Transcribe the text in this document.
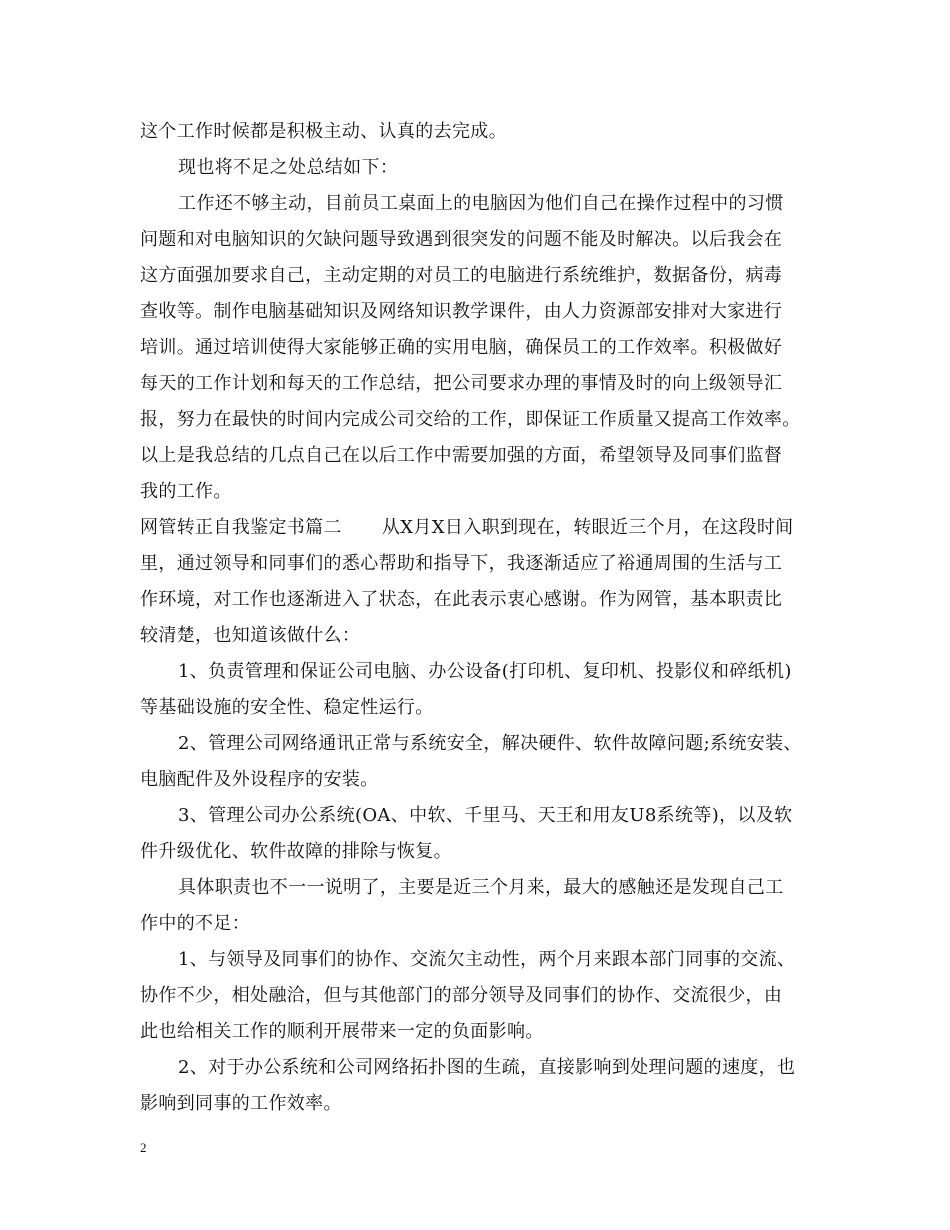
这个工作时候都是积极主动、认真的去完成。
现也将不足之处总结如下：
工作还不够主动，目前员工桌面上的电脑因为他们自己在操作过程中的习惯
问题和对电脑知识的欠缺问题导致遇到很突发的问题不能及时解决。以后我会在
这方面强加要求自己，主动定期的对员工的电脑进行系统维护，数据备份，病毒
查收等。制作电脑基础知识及网络知识教学课件，由人力资源部安排对大家进行
培训。通过培训使得大家能够正确的实用电脑，确保员工的工作效率。积极做好
每天的工作计划和每天的工作总结，把公司要求办理的事情及时的向上级领导汇
报，努力在最快的时间内完成公司交给的工作，即保证工作质量又提高工作效率。
以上是我总结的几点自己在以后工作中需要加强的方面，希望领导及同事们监督
我的工作。
网管转正自我鉴定书篇二 从X月X日入职到现在，转眼近三个月，在这段时间
里，通过领导和同事们的悉心帮助和指导下，我逐渐适应了裕通周围的生活与工
作环境，对工作也逐渐进入了状态，在此表示衷心感谢。作为网管，基本职责比
较清楚，也知道该做什么：
1、负责管理和保证公司电脑、办公设备(打印机、复印机、投影仪和碎纸机)
等基础设施的安全性、稳定性运行。
2、管理公司网络通讯正常与系统安全，解决硬件、软件故障问题;系统安装、
电脑配件及外设程序的安装。
3、管理公司办公系统(OA、中软、千里马、天王和用友U8系统等)，以及软
件升级优化、软件故障的排除与恢复。
具体职责也不一一说明了，主要是近三个月来，最大的感触还是发现自己工
作中的不足：
1、与领导及同事们的协作、交流欠主动性，两个月来跟本部门同事的交流、
协作不少，相处融洽，但与其他部门的部分领导及同事们的协作、交流很少，由
此也给相关工作的顺利开展带来一定的负面影响。
2、对于办公系统和公司网络拓扑图的生疏，直接影响到处理问题的速度，也
影响到同事的工作效率。
2
